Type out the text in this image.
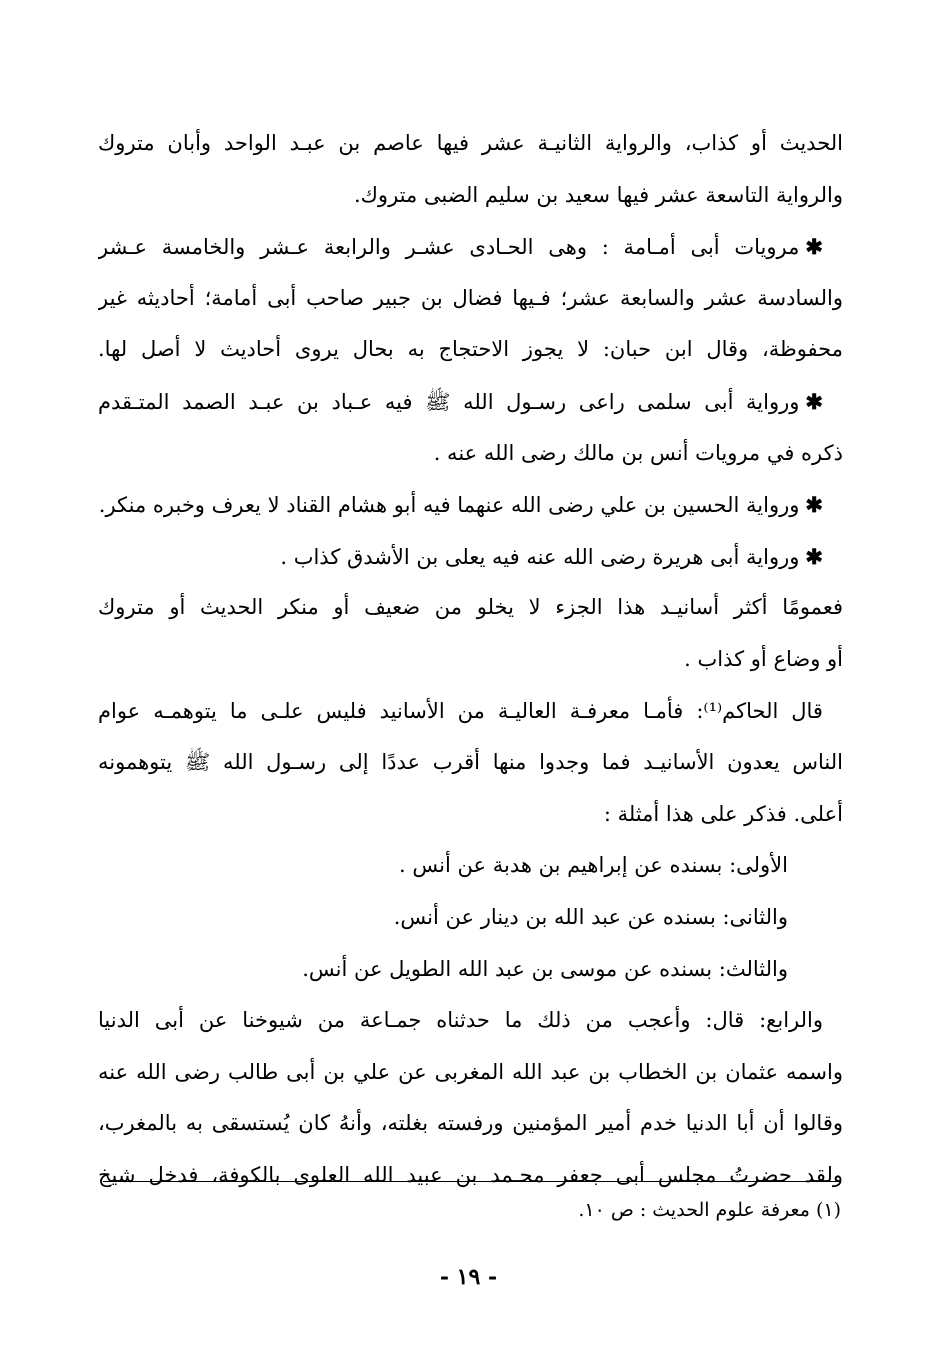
الحديث أو كذاب، والرواية الثانيـة عشر فيها عاصم بن عبـد الواحد وأبان متروك
والرواية التاسعة عشر فيها سعيد بن سليم الضبى متروك.
✱مرويات أبى أمـامة : وهى الحـادى عشـر والرابعة عـشر والخامسة عـشر
والسادسة عشر والسابعة عشر؛ فـيها فضال بن جبير صاحب أبى أمامة؛ أحاديثه غير
محفوظة، وقال ابن حبان: لا يجوز الاحتجاج به بحال يروى أحاديث لا أصل لها.
✱ورواية أبى سلمى راعى رسـول الله ﷺ فيه عـباد بن عبـد الصمد المتـقدم
ذكره في مرويات أنس بن مالك رضى الله عنه .
✱ورواية الحسين بن علي رضى الله عنهما فيه أبو هشام القناد لا يعرف وخبره منكر.
✱ورواية أبى هريرة رضى الله عنه فيه يعلى بن الأشدق كذاب .
فعمومًا أكثر أسانيـد هذا الجزء لا يخلو من ضعيف أو منكر الحديث أو متروك
أو وضاع أو كذاب .
قال الحاكم⁽¹⁾: فأمـا معرفـة العاليـة من الأسانيد فليس علـى ما يتوهمـه عوام
الناس يعدون الأسانيـد فما وجدوا منها أقرب عددًا إلى رسـول الله ﷺ يتوهمونه
أعلى. فذكر على هذا أمثلة :
الأولى: بسنده عن إبراهيم بن هدبة عن أنس .
والثانى: بسنده عن عبد الله بن دينار عن أنس.
والثالث: بسنده عن موسى بن عبد الله الطويل عن أنس.
والرابع: قال: وأعجب من ذلك ما حدثناه جمـاعة من شيوخنا عن أبى الدنيا
واسمه عثمان بن الخطاب بن عبد الله المغربى عن علي بن أبى طالب رضى الله عنه
وقالوا أن أبا الدنيا خدم أمير المؤمنين ورفسته بغلته، وأنهُ كان يُستسقى به بالمغرب،
ولقد حضرتُ مجلس أبى جعفر محـمد بن عبيد الله العلوى بالكوفة، فدخل شيخ
(١) معرفة علوم الحديث : ص ١٠.
- ١٩ -
